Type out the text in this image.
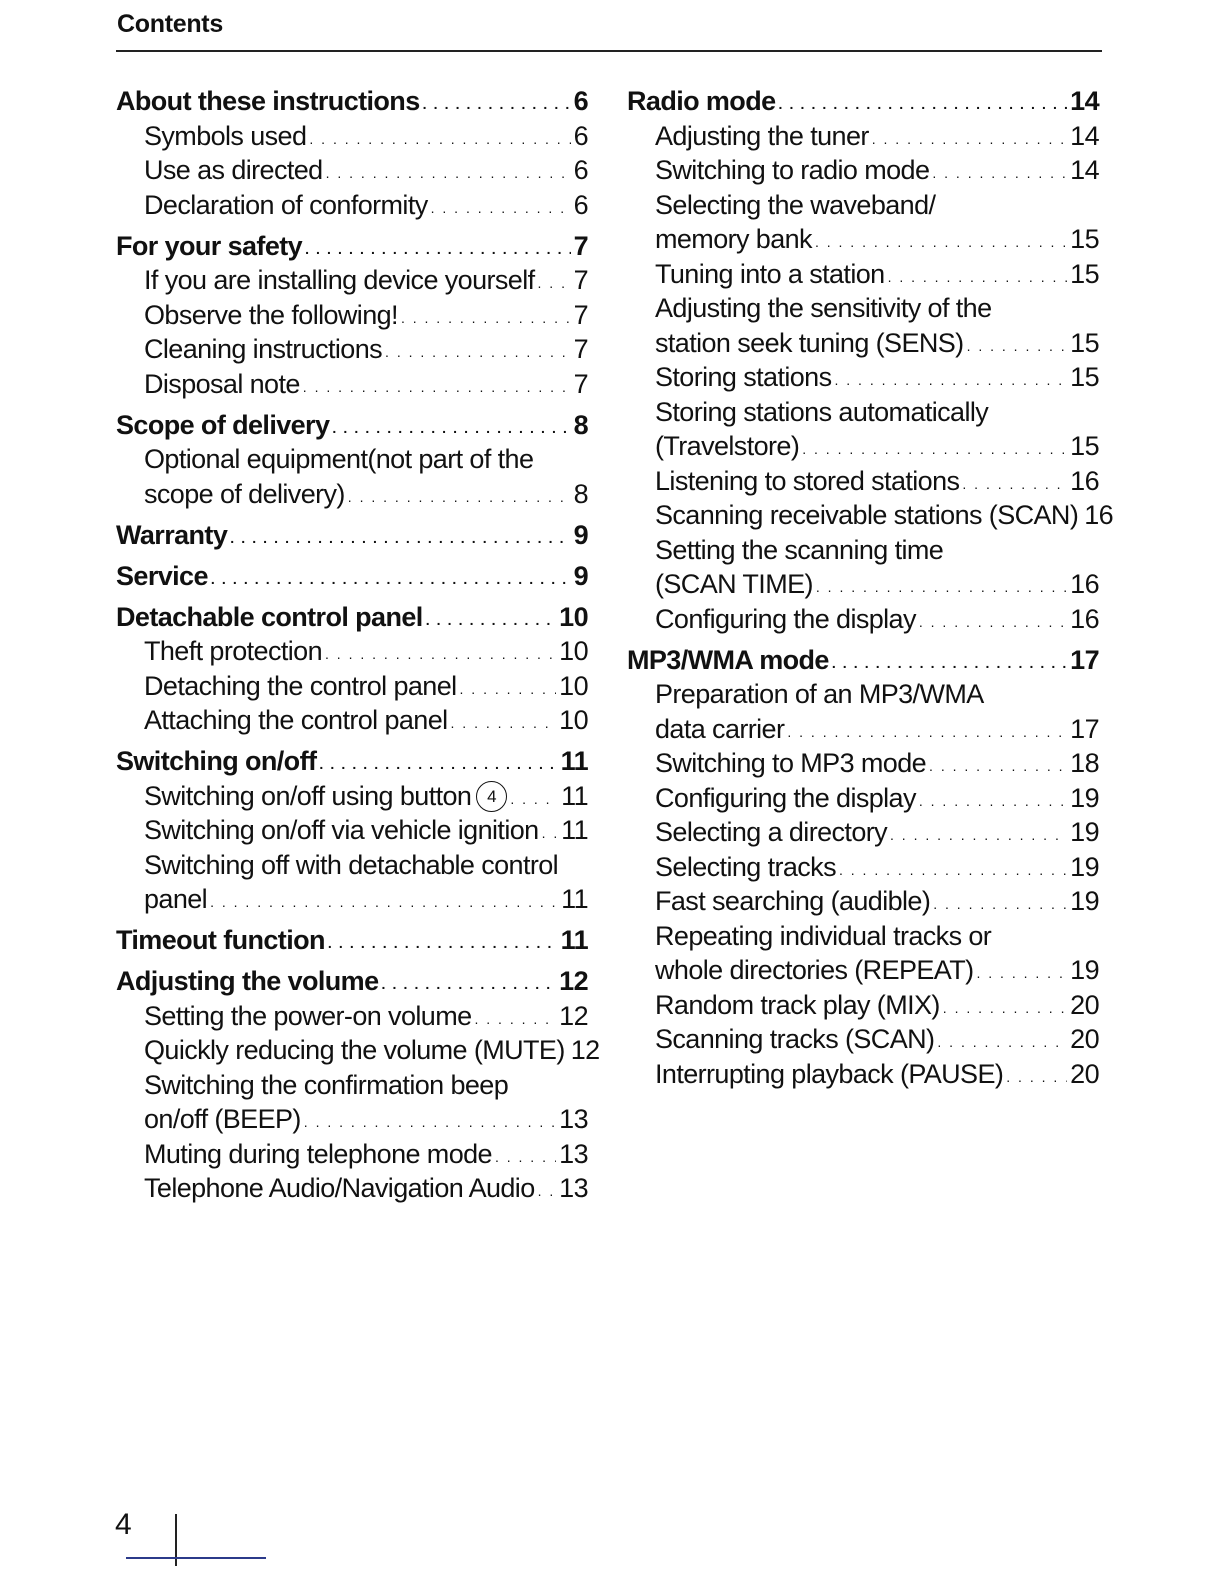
Contents
About these instructions . . .	6
Symbols used . . .	6
Use as directed . . .	6
Declaration of conformity . . .	6
For your safety . . .	7
If you are installing device yourself . . . 7
Observe the following! . . .	7
Cleaning instructions . . .	7
Disposal note . . .	7
Scope of delivery . . .	8
Optional equipment(not part of the
scope of delivery) . . .	8
Warranty . . .	9
Service . . .	9
Detachable control panel . . .	10
Theft protection . . .	10
Detaching the control panel . . .	10
Attaching the control panel . . .	10
Switching on/off . . .	11
Switching on/off using button 4 . . .	11
Switching on/off via vehicle ignition . . . 11
Switching off with detachable control
panel . . .	11
Timeout function . . .	11
Adjusting the volume . . .	12
Setting the power-on volume . . .	12
Quickly reducing the volume (MUTE) 12
Switching the confirmation beep
on/off (BEEP) . . .	13
Muting during telephone mode . . . 13
Telephone Audio/Navigation Audio . . . 13
Radio mode . . .	14
Adjusting the tuner . . .	14
Switching to radio mode . . .	14
Selecting the waveband/
memory bank . . .	15
Tuning into a station . . .	15
Adjusting the sensitivity of the
station seek tuning (SENS) . . .	15
Storing stations . . .	15
Storing stations automatically
(Travelstore) . . .	15
Listening to stored stations . . .	16
Scanning receivable stations (SCAN) 16
Setting the scanning time
(SCAN TIME) . . .	16
Configuring the display . . .	16
MP3/WMA mode . . .	17
Preparation of an MP3/WMA
data carrier . . .	17
Switching to MP3 mode . . .	18
Configuring the display . . .	19
Selecting a directory . . .	19
Selecting tracks . . .	19
Fast searching (audible) . . .	19
Repeating individual tracks or
whole directories (REPEAT) . . .	19
Random track play (MIX) . . .	20
Scanning tracks (SCAN) . . .	20
Interrupting playback (PAUSE) . . . 20
4
